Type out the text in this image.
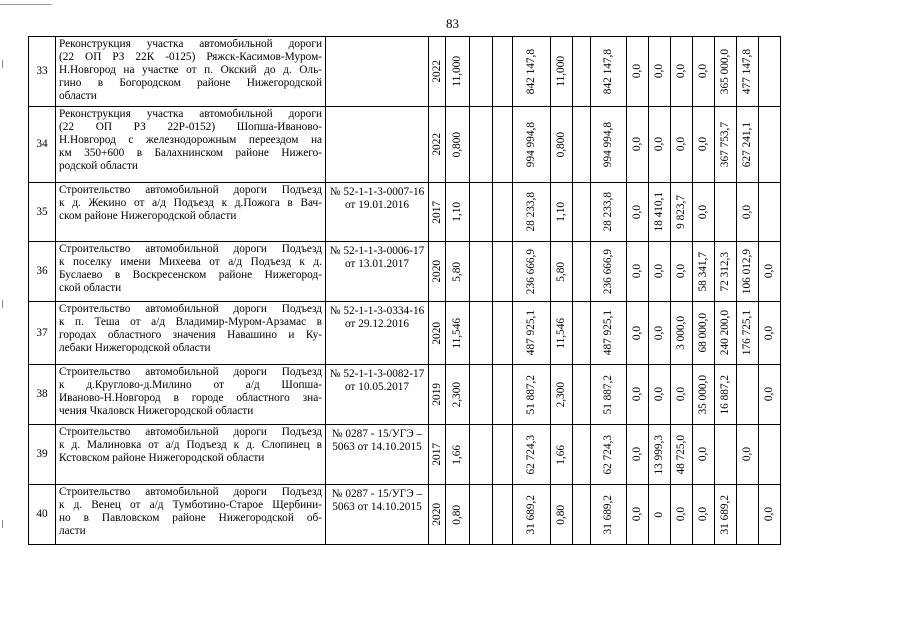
83
33	Реконструкция участка автомобильной дороги
(22 ОП РЗ 22К -0125) Ряжск-Касимов-Муром-
Н.Новгород на участке от п. Окский до д. Оль-
гино в Богородском районе Нижегородской
области		2022	11,000			842 147,8	11,000		842 147,8	0,0	0,0	0,0	0,0	365 000,0	477 147,8	

34	Реконструкция участка автомобильной дороги
(22 ОП РЗ 22Р-0152) Шопша-Иваново-
Н.Новгород с железнодорожным переездом на
км 350+600 в Балахнинском районе Нижего-
родской области		2022	0,800			994 994,8	0,800		994 994,8	0,0	0,0	0,0	0,0	367 753,7	627 241,1	

35	Строительство автомобильной дороги Подъезд
к д. Жекино от а/д Подъезд к д.Пожога в Вач-
ском районе Нижегородской области	№ 52-1-1-3-0007-16 от 19.01.2016	2017	1,10			28 233,8	1,10		28 233,8	0,0	18 410,1	9 823,7	0,0		0,0	

36	Строительство автомобильной дороги Подъезд
к поселку имени Михеева от а/д Подъезд к д.
Буслаево в Воскресенском районе Нижегород-
ской области	№ 52-1-1-3-0006-17 от 13.01.2017	2020	5,80			236 666,9	5,80		236 666,9	0,0	0,0	0,0	58 341,7	72 312,3	106 012,9	0,0

37	Строительство автомобильной дороги Подъезд
к п. Теша от а/д Владимир-Муром-Арзамас в
городах областного значения Навашино и Ку-
лебаки Нижегородской области	№ 52-1-1-3-0334-16 от 29.12.2016	2020	11,546			487 925,1	11,546		487 925,1	0,0	0,0	3 000,0	68 000,0	240 200,0	176 725,1	0,0

38	Строительство автомобильной дороги Подъезд
к д.Круглово-д.Милино от а/д Шопша-
Иваново-Н.Новгород в городе областного зна-
чения Чкаловск Нижегородской области	№ 52-1-1-3-0082-17 от 10.05.2017	2019	2,300			51 887,2	2,300		51 887,2	0,0	0,0	0,0	35 000,0	16 887,2		0,0

39	Строительство автомобильной дороги Подъезд
к д. Малиновка от а/д Подъезд к д. Слопинец в
Кстовском районе Нижегородской области	№ 0287 - 15/УГЭ – 5063 от 14.10.2015	2017	1,66			62 724,3	1,66		62 724,3	0,0	13 999,3	48 725,0	0,0		0,0	

40	Строительство автомобильной дороги Подъезд
к д. Венец от а/д Тумботино-Старое Щербини-
но в Павловском районе Нижегородской об-
ласти	№ 0287 - 15/УГЭ – 5063 от 14.10.2015	2020	0,80			31 689,2	0,80		31 689,2	0,0	0	0,0	0,0	31 689,2		0,0
